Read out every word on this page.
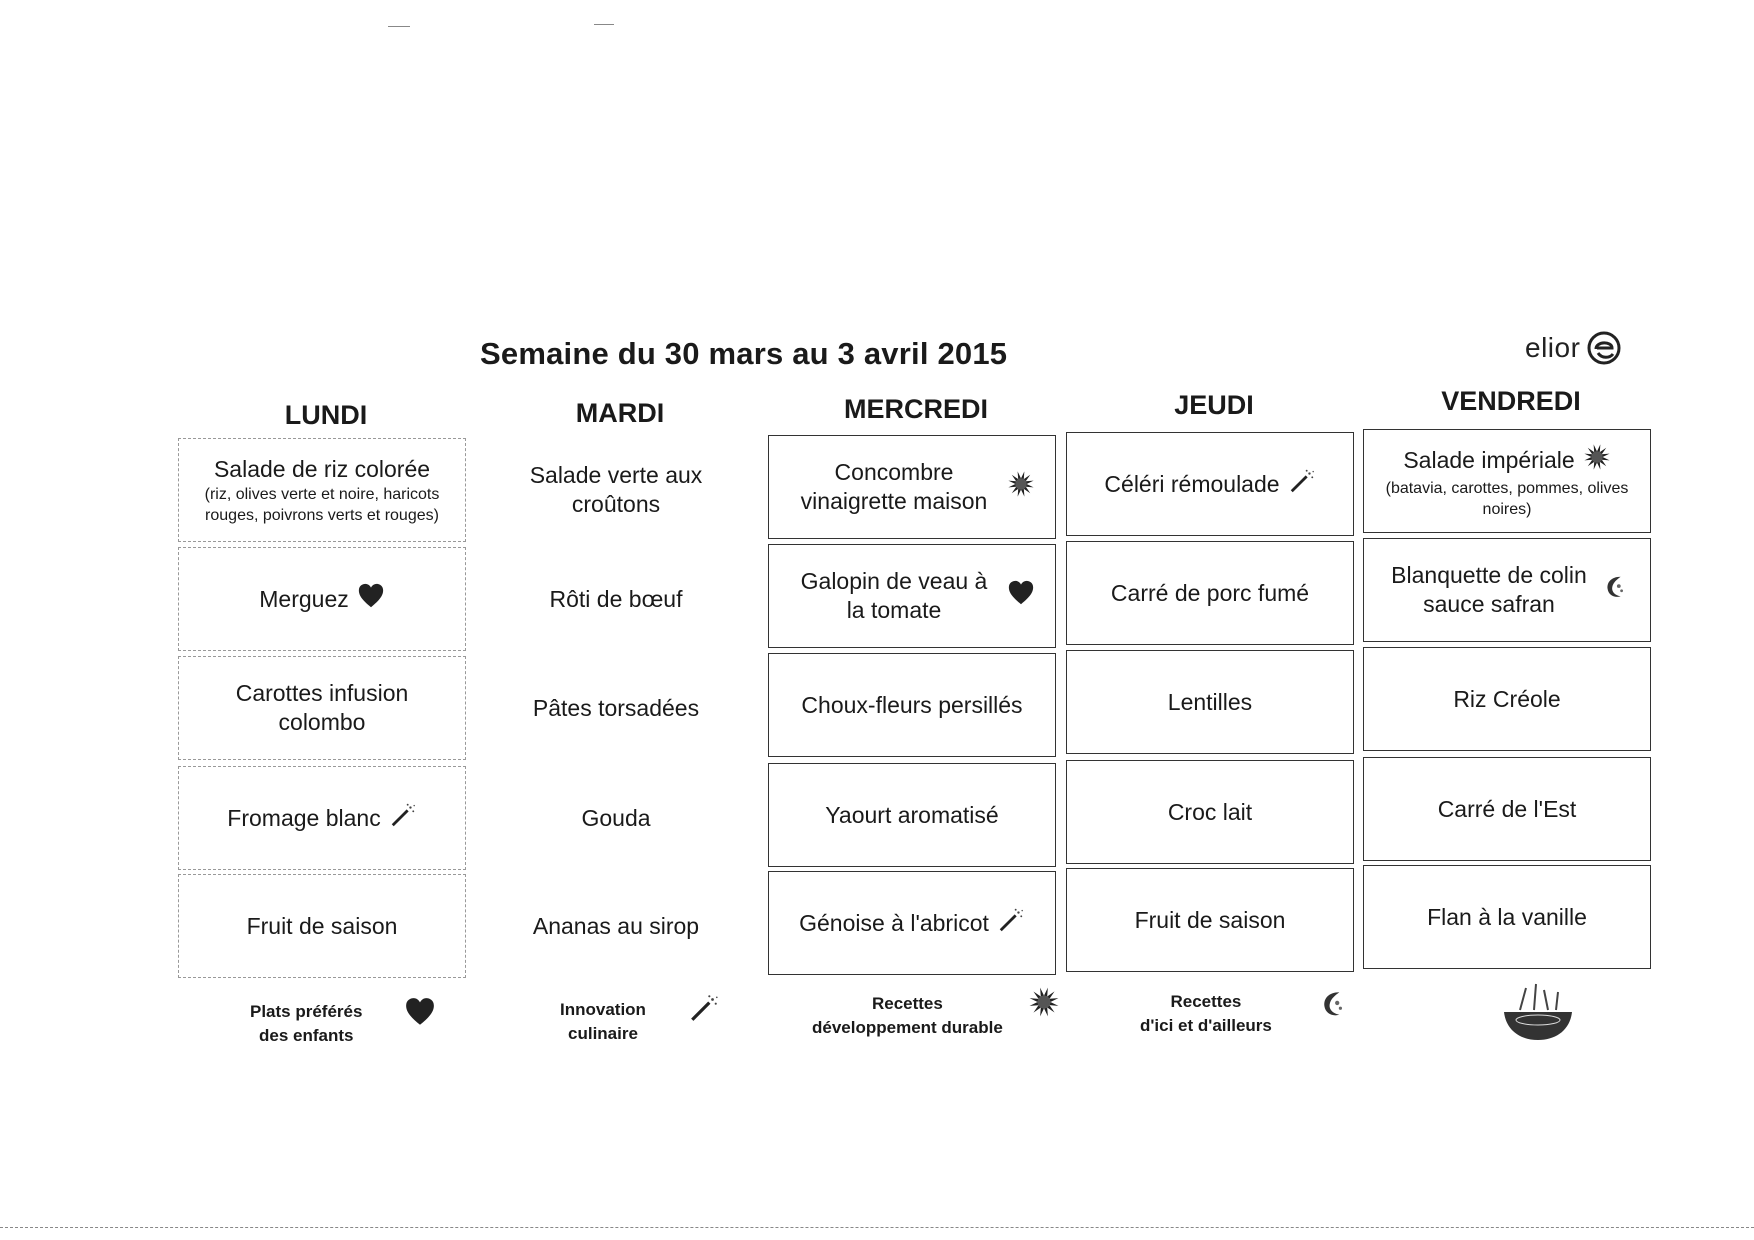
Semaine du 30 mars au 3 avril 2015	elior
LUNDI
Salade de riz colorée
(riz, olives verte et noire, haricots rouges, poivrons verts et rouges)
Merguez
Carottes infusion colombo
Fromage blanc
Fruit de saison
MARDI
Salade verte aux croûtons
Rôti de bœuf
Pâtes torsadées
Gouda
Ananas au sirop
MERCREDI
Concombre vinaigrette maison
Galopin de veau à la tomate
Choux-fleurs persillés
Yaourt aromatisé
Génoise à l'abricot
JEUDI
Céléri rémoulade
Carré de porc fumé
Lentilles
Croc lait
Fruit de saison
VENDREDI
Salade impériale
(batavia, carottes, pommes, olives noires)
Blanquette de colin sauce safran
Riz Créole
Carré de l'Est
Flan à la vanille
Plats préférés
des enfants
Innovation
culinaire
Recettes
développement durable
Recettes
d'ici et d'ailleurs
